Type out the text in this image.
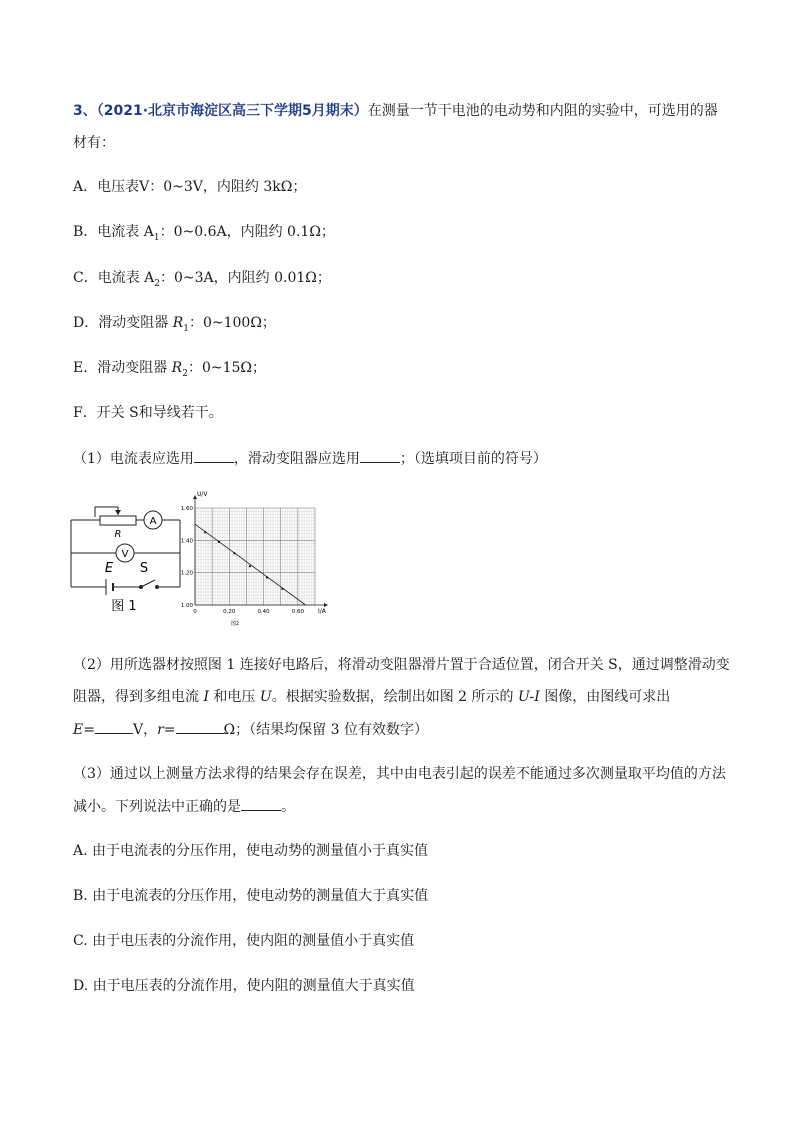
3、（2021·北京市海淀区高三下学期5月期末）在测量一节干电池的电动势和内阻的实验中，可选用的器
材有：
A．电压表V：0~3V，内阻约 3kΩ；
B．电流表 $A_1$：0~0.6A，内阻约 0.1Ω；
C．电流表 $A_2$：0~3A，内阻约 0.01Ω；
D．滑动变阻器 $R_1$：0~100Ω；
E．滑动变阻器 $R_2$：0~15Ω；
F．开关 S和导线若干。
（1）电流表应选用	，滑动变阻器应选用	；（选填项目前的符号）
R
A
V
E S
图 1	0	0.20	0.40	0.60
1.00
1.20
1.40
1.60
U/V
I/A
图2
（2）用所选器材按照图 1 连接好电路后，将滑动变阻器滑片置于合适位置，闭合开关 S，通过调整滑动变
阻器，得到多组电流 I 和电压 U。根据实验数据，绘制出如图 2 所示的 U-I 图像，由图线可求出
E=	V，r=	Ω；（结果均保留 3 位有效数字）
（3）通过以上测量方法求得的结果会存在误差，其中由电表引起的误差不能通过多次测量取平均值的方法
减小。下列说法中正确的是	。
A. 由于电流表的分压作用，使电动势的测量值小于真实值
B. 由于电流表的分压作用，使电动势的测量值大于真实值
C. 由于电压表的分流作用，使内阻的测量值小于真实值
D. 由于电压表的分流作用，使内阻的测量值大于真实值
